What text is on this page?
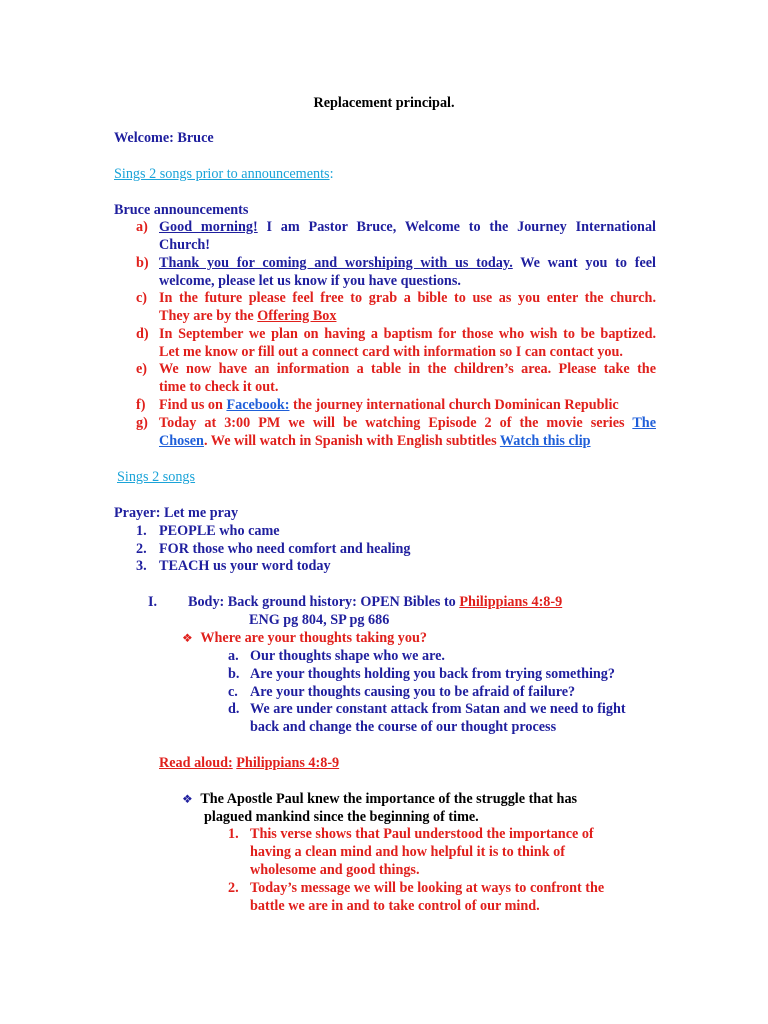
Replacement principal.
Welcome: Bruce
Sings 2 songs prior to announcements:
Bruce announcements
a) Good morning! I am Pastor Bruce, Welcome to the Journey International
Church!
b) Thank you for coming and worshiping with us today. We want you to feel
welcome, please let us know if you have questions.
c) In the future please feel free to grab a bible to use as you enter the church.
They are by the Offering Box
d) In September we plan on having a baptism for those who wish to be baptized.
Let me know or fill out a connect card with information so I can contact you.
e) We now have an information a table in the children’s area. Please take the
time to check it out.
f) Find us on Facebook: the journey international church Dominican Republic
g) Today at 3:00 PM we will be watching Episode 2 of the movie series The
Chosen. We will watch in Spanish with English subtitles Watch this clip
Sings 2 songs
Prayer: Let me pray
1. PEOPLE who came
2. FOR those who need comfort and healing
3. TEACH us your word today
I. Body: Back ground history: OPEN Bibles to Philippians 4:8-9
ENG pg 804, SP pg 686
❖ Where are your thoughts taking you?
a. Our thoughts shape who we are.
b. Are your thoughts holding you back from trying something?
c. Are your thoughts causing you to be afraid of failure?
d. We are under constant attack from Satan and we need to fight
back and change the course of our thought process
Read aloud: Philippians 4:8-9
❖ The Apostle Paul knew the importance of the struggle that has
plagued mankind since the beginning of time.
1. This verse shows that Paul understood the importance of
having a clean mind and how helpful it is to think of
wholesome and good things.
2. Today’s message we will be looking at ways to confront the
battle we are in and to take control of our mind.
